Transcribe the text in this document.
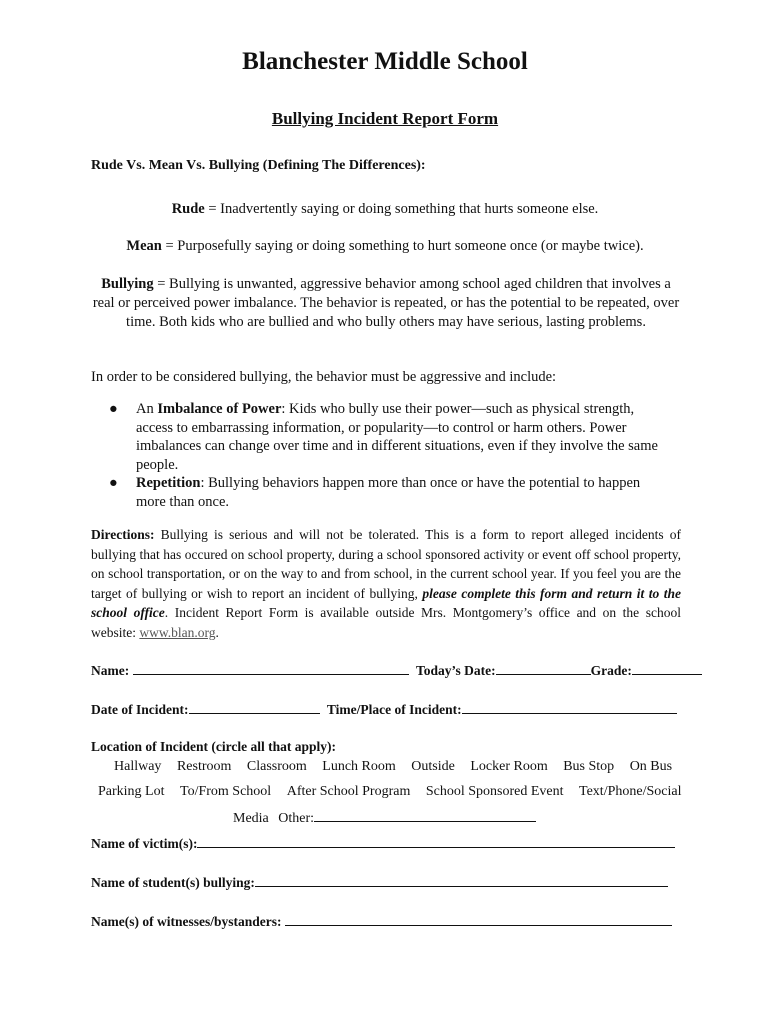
Blanchester Middle School
Bullying Incident Report Form
Rude Vs. Mean Vs. Bullying (Defining The Differences):
Rude = Inadvertently saying or doing something that hurts someone else.
Mean = Purposefully saying or doing something to hurt someone once (or maybe twice).
Bullying = Bullying is unwanted, aggressive behavior among school aged children that involves a real or perceived power imbalance. The behavior is repeated, or has the potential to be repeated, over time. Both kids who are bullied and who bully others may have serious, lasting problems.
In order to be considered bullying, the behavior must be aggressive and include:
● An Imbalance of Power: Kids who bully use their power—such as physical strength, access to embarrassing information, or popularity—to control or harm others. Power imbalances can change over time and in different situations, even if they involve the same people.
● Repetition: Bullying behaviors happen more than once or have the potential to happen more than once.
Directions: Bullying is serious and will not be tolerated. This is a form to report alleged incidents of bullying that has occured on school property, during a school sponsored activity or event off school property, on school transportation, or on the way to and from school, in the current school year. If you feel you are the target of bullying or wish to report an incident of bullying, please complete this form and return it to the school office. Incident Report Form is available outside Mrs. Montgomery’s office and on the school website: www.blan.org.
Name:	Today’s Date:	Grade:
Date of Incident:	Time/Place of Incident:
Location of Incident (circle all that apply):
Hallway Restroom Classroom Lunch Room Outside Locker Room Bus Stop On Bus
Parking Lot To/From School After School Program School Sponsored Event Text/Phone/Social
Media Other:
Name of victim(s):
Name of student(s) bullying:
Name(s) of witnesses/bystanders:
